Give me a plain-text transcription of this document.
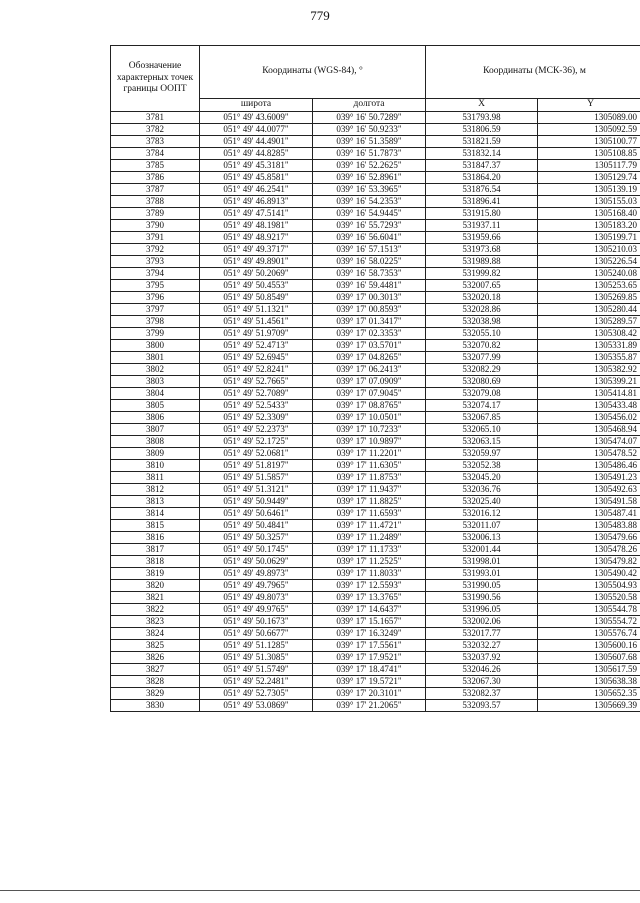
779
Обозначение характерных точек границы ООПТ	Координаты (WGS-84), °		Координаты (МСК-36), м	
	широта	долгота	X	Y
3781	051° 49' 43.6009"	039° 16' 50.7289"	531793.98	1305089.00
3782	051° 49' 44.0077"	039° 16' 50.9233"	531806.59	1305092.59
3783	051° 49' 44.4901"	039° 16' 51.3589"	531821.59	1305100.77
3784	051° 49' 44.8285"	039° 16' 51.7873"	531832.14	1305108.85
3785	051° 49' 45.3181"	039° 16' 52.2625"	531847.37	1305117.79
3786	051° 49' 45.8581"	039° 16' 52.8961"	531864.20	1305129.74
3787	051° 49' 46.2541"	039° 16' 53.3965"	531876.54	1305139.19
3788	051° 49' 46.8913"	039° 16' 54.2353"	531896.41	1305155.03
3789	051° 49' 47.5141"	039° 16' 54.9445"	531915.80	1305168.40
3790	051° 49' 48.1981"	039° 16' 55.7293"	531937.11	1305183.20
3791	051° 49' 48.9217"	039° 16' 56.6041"	531959.66	1305199.71
3792	051° 49' 49.3717"	039° 16' 57.1513"	531973.68	1305210.03
3793	051° 49' 49.8901"	039° 16' 58.0225"	531989.88	1305226.54
3794	051° 49' 50.2069"	039° 16' 58.7353"	531999.82	1305240.08
3795	051° 49' 50.4553"	039° 16' 59.4481"	532007.65	1305253.65
3796	051° 49' 50.8549"	039° 17' 00.3013"	532020.18	1305269.85
3797	051° 49' 51.1321"	039° 17' 00.8593"	532028.86	1305280.44
3798	051° 49' 51.4561"	039° 17' 01.3417"	532038.98	1305289.57
3799	051° 49' 51.9709"	039° 17' 02.3353"	532055.10	1305308.42
3800	051° 49' 52.4713"	039° 17' 03.5701"	532070.82	1305331.89
3801	051° 49' 52.6945"	039° 17' 04.8265"	532077.99	1305355.87
3802	051° 49' 52.8241"	039° 17' 06.2413"	532082.29	1305382.92
3803	051° 49' 52.7665"	039° 17' 07.0909"	532080.69	1305399.21
3804	051° 49' 52.7089"	039° 17' 07.9045"	532079.08	1305414.81
3805	051° 49' 52.5433"	039° 17' 08.8765"	532074.17	1305433.48
3806	051° 49' 52.3309"	039° 17' 10.0501"	532067.85	1305456.02
3807	051° 49' 52.2373"	039° 17' 10.7233"	532065.10	1305468.94
3808	051° 49' 52.1725"	039° 17' 10.9897"	532063.15	1305474.07
3809	051° 49' 52.0681"	039° 17' 11.2201"	532059.97	1305478.52
3810	051° 49' 51.8197"	039° 17' 11.6305"	532052.38	1305486.46
3811	051° 49' 51.5857"	039° 17' 11.8753"	532045.20	1305491.23
3812	051° 49' 51.3121"	039° 17' 11.9437"	532036.76	1305492.63
3813	051° 49' 50.9449"	039° 17' 11.8825"	532025.40	1305491.58
3814	051° 49' 50.6461"	039° 17' 11.6593"	532016.12	1305487.41
3815	051° 49' 50.4841"	039° 17' 11.4721"	532011.07	1305483.88
3816	051° 49' 50.3257"	039° 17' 11.2489"	532006.13	1305479.66
3817	051° 49' 50.1745"	039° 17' 11.1733"	532001.44	1305478.26
3818	051° 49' 50.0629"	039° 17' 11.2525"	531998.01	1305479.82
3819	051° 49' 49.8973"	039° 17' 11.8033"	531993.01	1305490.42
3820	051° 49' 49.7965"	039° 17' 12.5593"	531990.05	1305504.93
3821	051° 49' 49.8073"	039° 17' 13.3765"	531990.56	1305520.58
3822	051° 49' 49.9765"	039° 17' 14.6437"	531996.05	1305544.78
3823	051° 49' 50.1673"	039° 17' 15.1657"	532002.06	1305554.72
3824	051° 49' 50.6677"	039° 17' 16.3249"	532017.77	1305576.74
3825	051° 49' 51.1285"	039° 17' 17.5561"	532032.27	1305600.16
3826	051° 49' 51.3085"	039° 17' 17.9521"	532037.92	1305607.68
3827	051° 49' 51.5749"	039° 17' 18.4741"	532046.26	1305617.59
3828	051° 49' 52.2481"	039° 17' 19.5721"	532067.30	1305638.38
3829	051° 49' 52.7305"	039° 17' 20.3101"	532082.37	1305652.35
3830	051° 49' 53.0869"	039° 17' 21.2065"	532093.57	1305669.39
